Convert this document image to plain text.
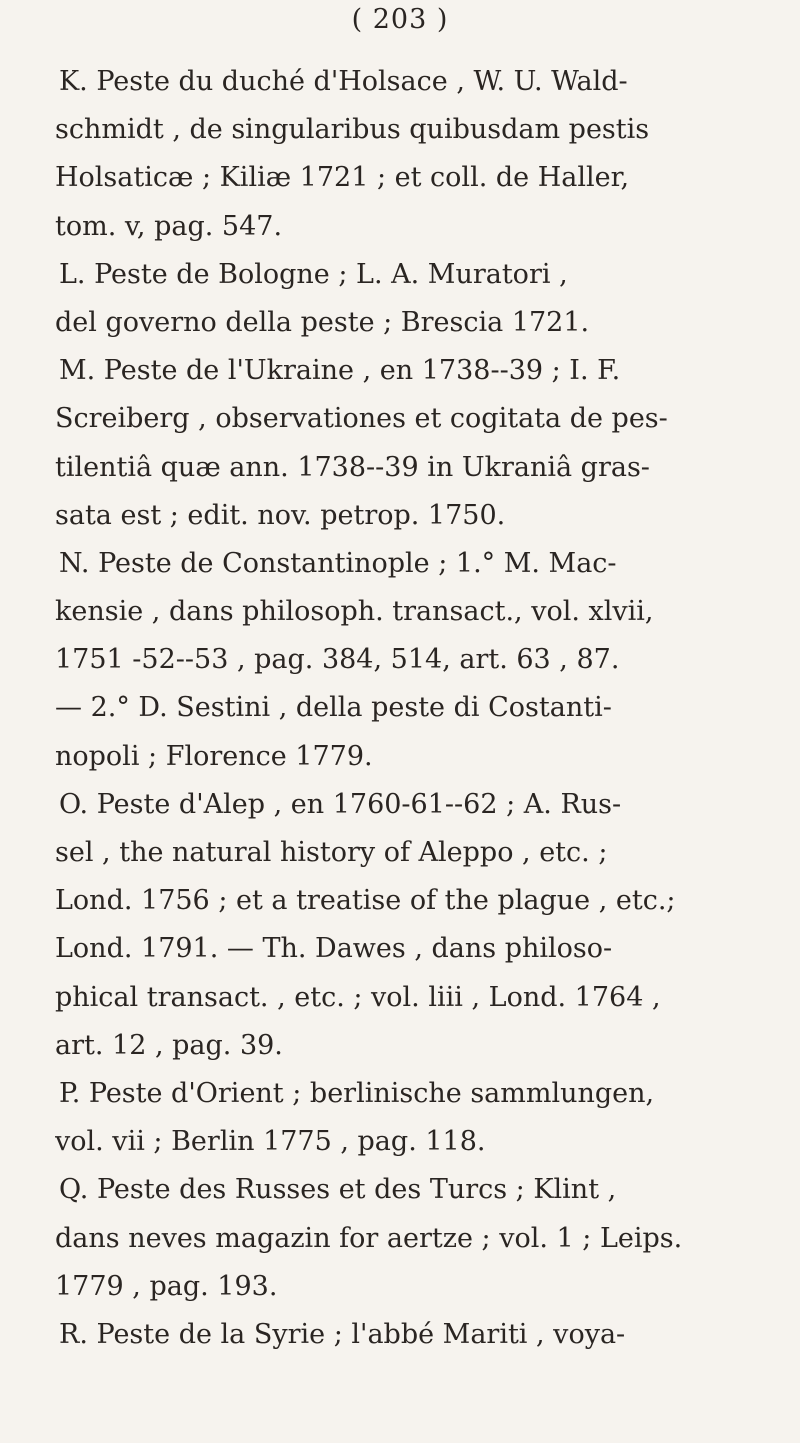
( 203 )
K. Peste du duché d'Holsace , W. U. Wald-
schmidt , de singularibus quibusdam pestis
Holsaticæ ; Kiliæ 1721 ; et coll. de Haller,
tom. v, pag. 547.
L. Peste de Bologne ; L. A. Muratori ,
del governo della peste ; Brescia 1721.
M. Peste de l'Ukraine , en 1738--39 ; I. F.
Screiberg , observationes et cogitata de pes-
tilentiâ quæ ann. 1738--39 in Ukraniâ gras-
sata est ; edit. nov. petrop. 1750.
N. Peste de Constantinople ; 1.° M. Mac-
kensie , dans philosoph. transact., vol. xlvii,
1751 -52--53 , pag. 384, 514, art. 63 , 87.
— 2.° D. Sestini , della peste di Costanti-
nopoli ; Florence 1779.
O. Peste d'Alep , en 1760-61--62 ; A. Rus-
sel , the natural history of Aleppo , etc. ;
Lond. 1756 ; et a treatise of the plague , etc.;
Lond. 1791. — Th. Dawes , dans philoso-
phical transact. , etc. ; vol. liii , Lond. 1764 ,
art. 12 , pag. 39.
P. Peste d'Orient ; berlinische sammlungen,
vol. vii ; Berlin 1775 , pag. 118.
Q. Peste des Russes et des Turcs ; Klint ,
dans neves magazin for aertze ; vol. 1 ; Leips.
1779 , pag. 193.
R. Peste de la Syrie ; l'abbé Mariti , voya-
